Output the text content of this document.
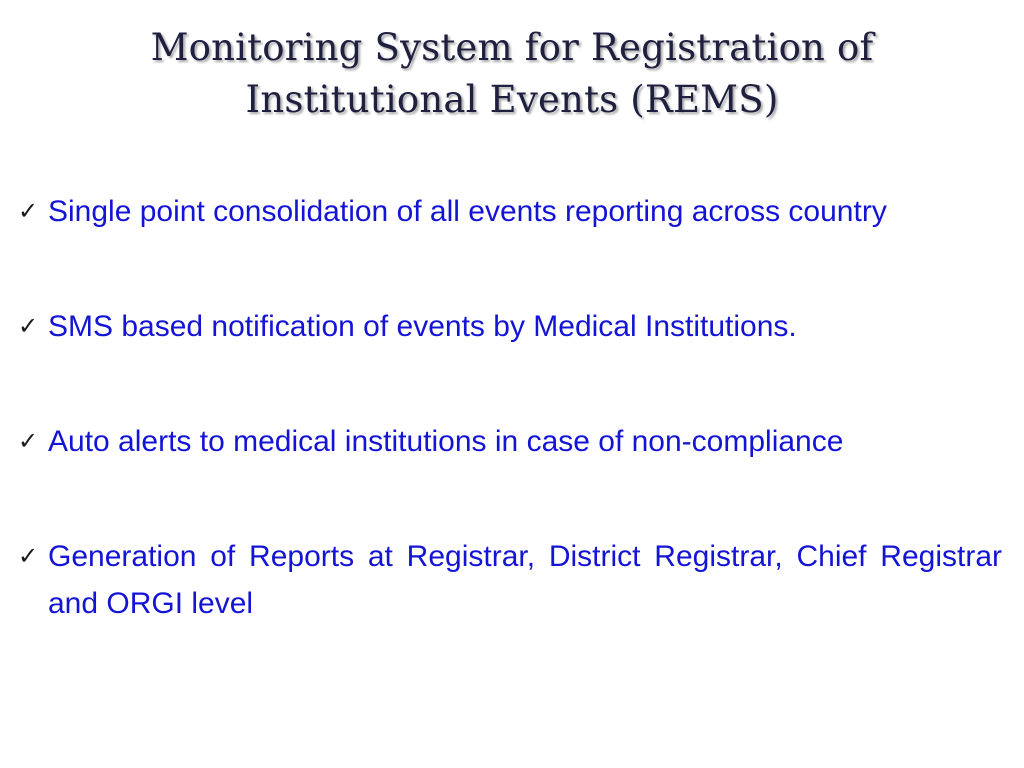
Monitoring System for Registration of
Institutional Events (REMS)
✓ Single point consolidation of all events reporting across country
✓ SMS based notification of events by Medical Institutions.
✓ Auto alerts to medical institutions in case of non-compliance
✓ Generation of Reports at Registrar, District Registrar, Chief Registrar and ORGI level
